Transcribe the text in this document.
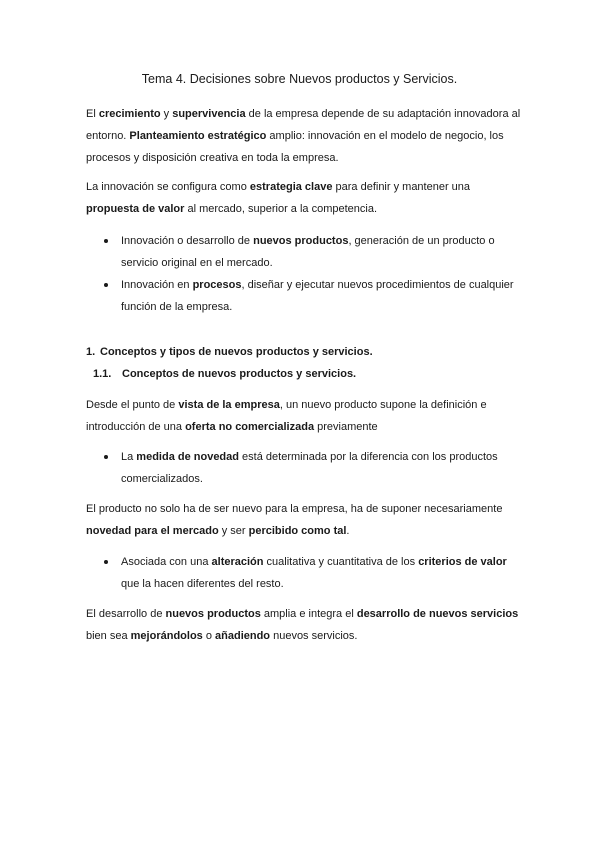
Tema 4. Decisiones sobre Nuevos productos y Servicios.

El crecimiento y supervivencia de la empresa depende de su adaptación innovadora al entorno. Planteamiento estratégico amplio: innovación en el modelo de negocio, los procesos y disposición creativa en toda la empresa.

La innovación se configura como estrategia clave para definir y mantener una propuesta de valor al mercado, superior a la competencia.

Innovación o desarrollo de nuevos productos, generación de un producto o servicio original en el mercado.

Innovación en procesos, diseñar y ejecutar nuevos procedimientos de cualquier función de la empresa.

1. Conceptos y tipos de nuevos productos y servicios.

1.1. Conceptos de nuevos productos y servicios.

Desde el punto de vista de la empresa, un nuevo producto supone la definición e introducción de una oferta no comercializada previamente

La medida de novedad está determinada por la diferencia con los productos comercializados.

El producto no solo ha de ser nuevo para la empresa, ha de suponer necesariamente novedad para el mercado y ser percibido como tal.

Asociada con una alteración cualitativa y cuantitativa de los criterios de valor que la hacen diferentes del resto.

El desarrollo de nuevos productos amplia e integra el desarrollo de nuevos servicios bien sea mejorándolos o añadiendo nuevos servicios.
